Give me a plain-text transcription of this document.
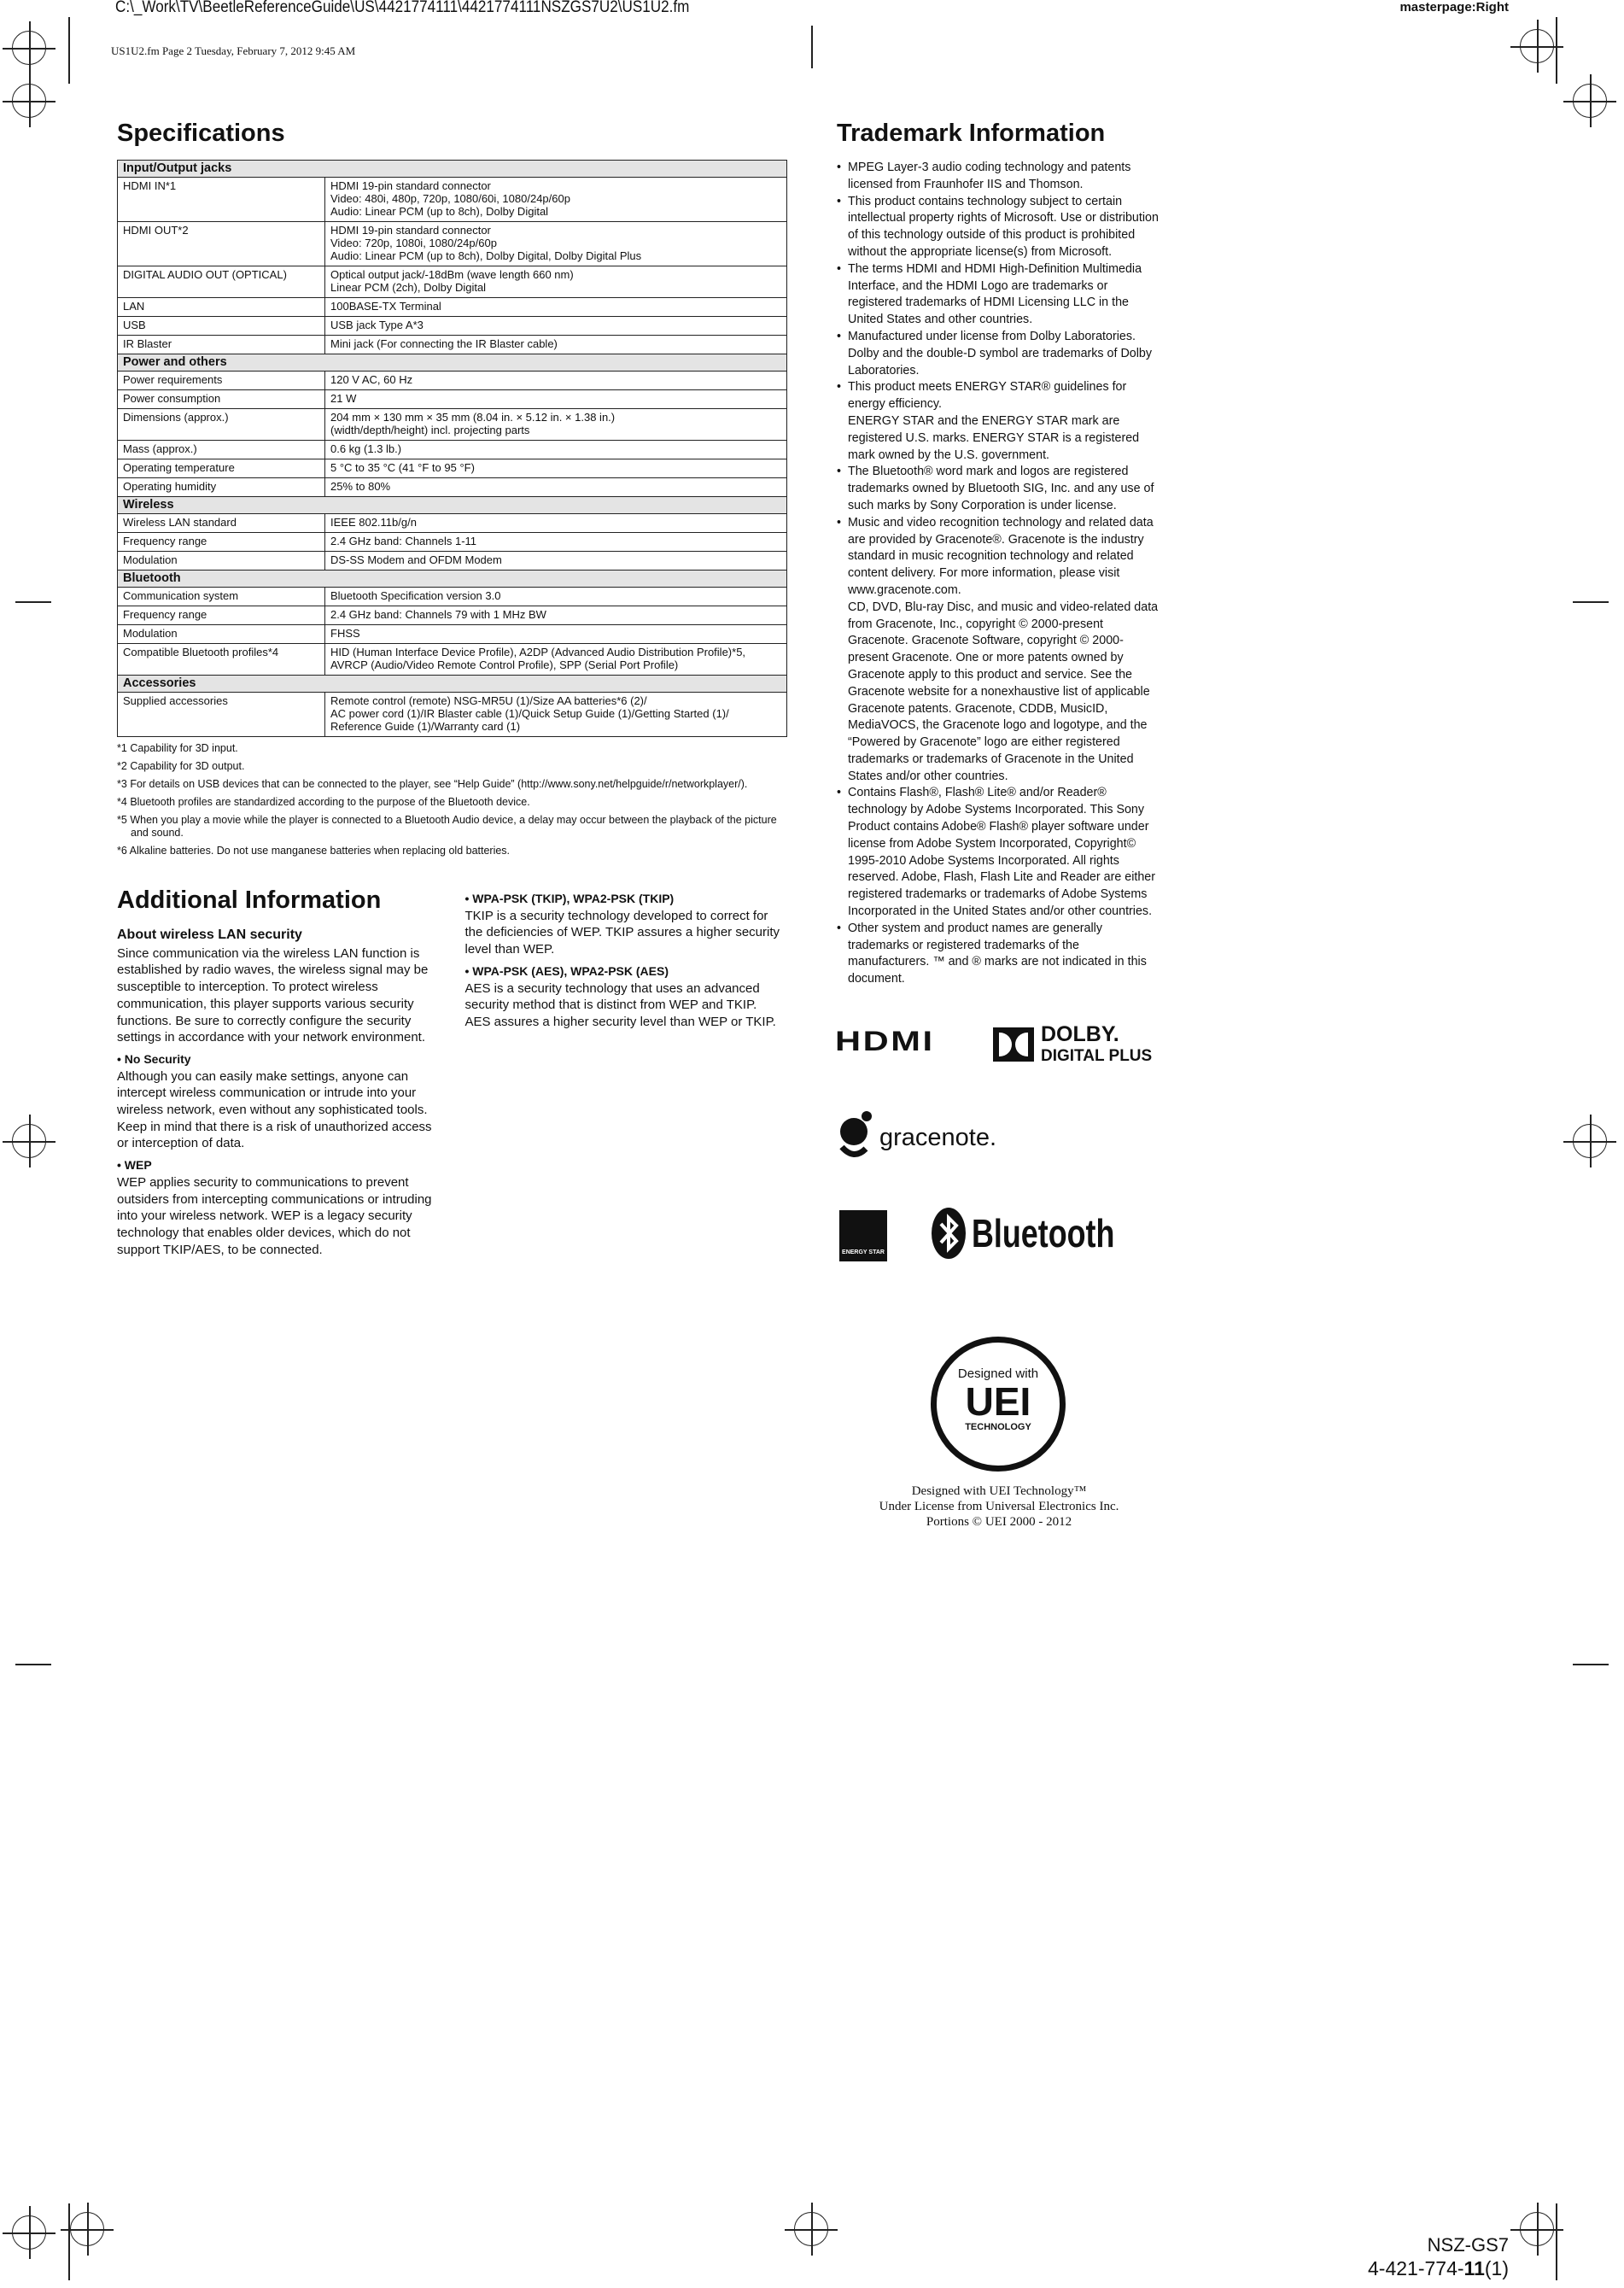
C:\_Work\TV\BeetleReferenceGuide\US\4421774111\4421774111NSZGS7U2\US1U2.fm	masterpage:Right
US1U2.fm Page 2 Tuesday, February 7, 2012 9:45 AM
Specifications
Input/Output jacks	
HDMI IN*1	HDMI 19-pin standard connector
Video: 480i, 480p, 720p, 1080/60i, 1080/24p/60p
Audio: Linear PCM (up to 8ch), Dolby Digital
HDMI OUT*2	HDMI 19-pin standard connector
Video: 720p, 1080i, 1080/24p/60p
Audio: Linear PCM (up to 8ch), Dolby Digital, Dolby Digital Plus
DIGITAL AUDIO OUT (OPTICAL)	Optical output jack/-18dBm (wave length 660 nm)
Linear PCM (2ch), Dolby Digital
LAN	100BASE-TX Terminal
USB	USB jack Type A*3
IR Blaster	Mini jack (For connecting the IR Blaster cable)
Power and others	
Power requirements	120 V AC, 60 Hz
Power consumption	21 W
Dimensions (approx.)	204 mm × 130 mm × 35 mm (8.04 in. × 5.12 in. × 1.38 in.)
(width/depth/height) incl. projecting parts
Mass (approx.)	0.6 kg (1.3 lb.)
Operating temperature	5 °C to 35 °C (41 °F to 95 °F)
Operating humidity	25% to 80%
Wireless	
Wireless LAN standard	IEEE 802.11b/g/n
Frequency range	2.4 GHz band: Channels 1-11
Modulation	DS-SS Modem and OFDM Modem
Bluetooth	
Communication system	Bluetooth Specification version 3.0
Frequency range	2.4 GHz band: Channels 79 with 1 MHz BW
Modulation	FHSS
Compatible Bluetooth profiles*4	HID (Human Interface Device Profile), A2DP (Advanced Audio Distribution Profile)*5, AVRCP (Audio/Video Remote Control Profile), SPP (Serial Port Profile)
Accessories	
Supplied accessories	Remote control (remote) NSG-MR5U (1)/Size AA batteries*6 (2)/
AC power cord (1)/IR Blaster cable (1)/Quick Setup Guide (1)/Getting Started (1)/
Reference Guide (1)/Warranty card (1)
*1 Capability for 3D input.
*2 Capability for 3D output.
*3 For details on USB devices that can be connected to the player, see “Help Guide” (http://www.sony.net/helpguide/r/networkplayer/).
*4 Bluetooth profiles are standardized according to the purpose of the Bluetooth device.
*5 When you play a movie while the player is connected to a Bluetooth Audio device, a delay may occur between the playback of the picture and sound.
*6 Alkaline batteries. Do not use manganese batteries when replacing old batteries.
Additional Information
About wireless LAN security
Since communication via the wireless LAN function is established by radio waves, the wireless signal may be susceptible to interception. To protect wireless communication, this player supports various security functions. Be sure to correctly configure the security settings in accordance with your network environment.
• No Security
Although you can easily make settings, anyone can intercept wireless communication or intrude into your wireless network, even without any sophisticated tools. Keep in mind that there is a risk of unauthorized access or interception of data.
• WEP
WEP applies security to communications to prevent outsiders from intercepting communications or intruding into your wireless network. WEP is a legacy security technology that enables older devices, which do not support TKIP/AES, to be connected.
• WPA-PSK (TKIP), WPA2-PSK (TKIP)
TKIP is a security technology developed to correct for the deficiencies of WEP. TKIP assures a higher security level than WEP.
• WPA-PSK (AES), WPA2-PSK (AES)
AES is a security technology that uses an advanced security method that is distinct from WEP and TKIP.
AES assures a higher security level than WEP or TKIP.
Trademark Information
• MPEG Layer-3 audio coding technology and patents licensed from Fraunhofer IIS and Thomson.
• This product contains technology subject to certain intellectual property rights of Microsoft. Use or distribution of this technology outside of this product is prohibited without the appropriate license(s) from Microsoft.
• The terms HDMI and HDMI High-Definition Multimedia Interface, and the HDMI Logo are trademarks or registered trademarks of HDMI Licensing LLC in the United States and other countries.
• Manufactured under license from Dolby Laboratories. Dolby and the double-D symbol are trademarks of Dolby Laboratories.
• This product meets ENERGY STAR® guidelines for energy efficiency.
ENERGY STAR and the ENERGY STAR mark are registered U.S. marks. ENERGY STAR is a registered mark owned by the U.S. government.
• The Bluetooth® word mark and logos are registered trademarks owned by Bluetooth SIG, Inc. and any use of such marks by Sony Corporation is under license.
• Music and video recognition technology and related data are provided by Gracenote®. Gracenote is the industry standard in music recognition technology and related content delivery. For more information, please visit www.gracenote.com.
CD, DVD, Blu-ray Disc, and music and video-related data from Gracenote, Inc., copyright © 2000-present Gracenote. Gracenote Software, copyright © 2000-present Gracenote. One or more patents owned by Gracenote apply to this product and service. See the Gracenote website for a nonexhaustive list of applicable Gracenote patents. Gracenote, CDDB, MusicID, MediaVOCS, the Gracenote logo and logotype, and the “Powered by Gracenote” logo are either registered trademarks or trademarks of Gracenote in the United States and/or other countries.
• Contains Flash®, Flash® Lite® and/or Reader® technology by Adobe Systems Incorporated. This Sony Product contains Adobe® Flash® player software under license from Adobe System Incorporated, Copyright© 1995-2010 Adobe Systems Incorporated. All rights reserved. Adobe, Flash, Flash Lite and Reader are either registered trademarks or trademarks of Adobe Systems Incorporated in the United States and/or other countries.
• Other system and product names are generally trademarks or registered trademarks of the manufacturers. ™ and ® marks are not indicated in this document.
HDMI	DOLBY.
DIGITAL PLUS
gracenote.
ENERGY STAR Bluetooth
Designed with
UEI
TECHNOLOGY
Designed with UEI Technology™
Under License from Universal Electronics Inc.
Portions © UEI 2000 - 2012
NSZ-GS7
4-421-774-11(1)
